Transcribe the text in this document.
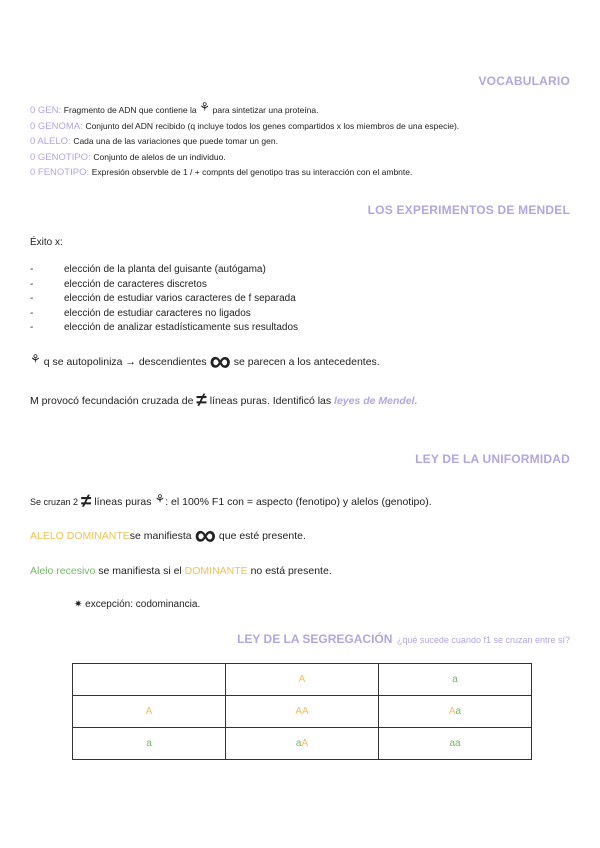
VOCABULARIO
0 GEN: Fragmento de ADN que contiene la ⚘ para sintetizar una proteína.
0 GENOMA: Conjunto del ADN recibido (q incluye todos los genes compartidos x los miembros de una especie).
0 ALELO: Cada una de las variaciones que puede tomar un gen.
0 GENOTIPO: Conjunto de alelos de un individuo.
0 FENOTIPO: Expresión observble de 1 / + compnts del genotipo tras su interacción con el ambnte.
LOS EXPERIMENTOS DE MENDEL
Éxito x:
-	elección de la planta del guisante (autógama)
-	elección de caracteres discretos
-	elección de estudiar varios caracteres de f separada
-	elección de estudiar caracteres no ligados
-	elección de analizar estadísticamente sus resultados
⚘ q se autopoliniza → descendientes ∞ se parecen a los antecedentes.
M provocó fecundación cruzada de ≠ líneas puras. Identificó las leyes de Mendel.
LEY DE LA UNIFORMIDAD
Se cruzan 2 ≠ líneas puras ⚘: el 100% F1 con = aspecto (fenotipo) y alelos (genotipo).
ALELO DOMINANTEse manifiesta ∞ que esté presente.
Alelo recesivo se manifiesta si el DOMINANTE no está presente.
✷ excepción: codominancia.
LEY DE LA SEGREGACIÓN ¿qué sucede cuando f1 se cruzan entre sí?
	A	a
A	AA	Aa
a	aA	aa
